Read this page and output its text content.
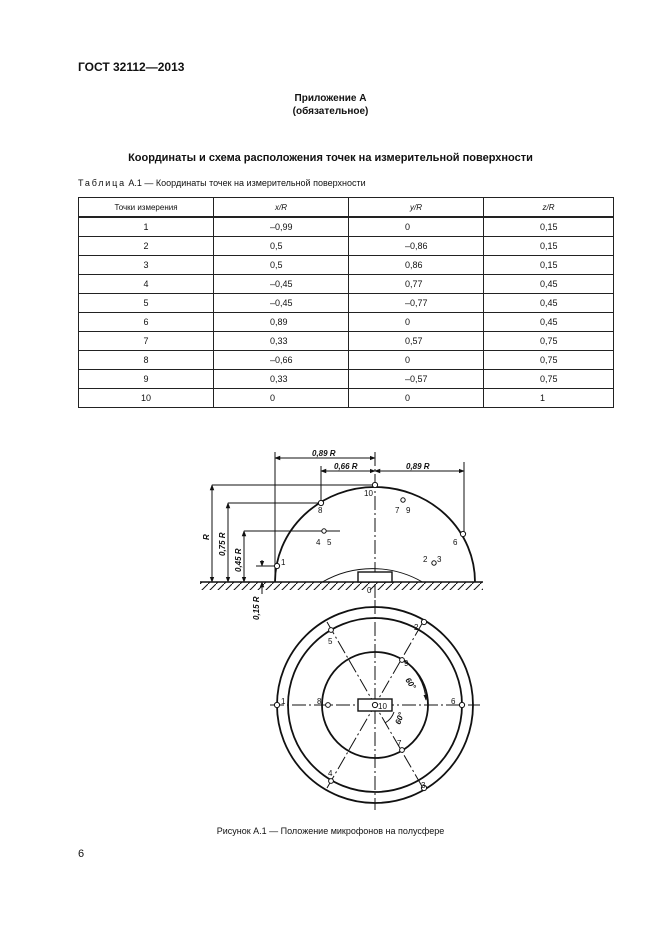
ГОСТ 32112—2013
Приложение А
(обязательное)
Координаты и схема расположения точек на измерительной поверхности
Таблица А.1 — Координаты точек на измерительной поверхности
Точки измерения	x/R	y/R	z/R
1	–0,99	0	0,15
2	0,5	–0,86	0,15
3	0,5	0,86	0,15
4	–0,45	0,77	0,45
5	–0,45	–0,77	0,45
6	0,89	0	0,45
7	0,33	0,57	0,75
8	–0,66	0	0,75
9	0,33	–0,57	0,75
10	0	0	1
0,89 R
0,66 R	0,89 R
R 0,75 R
0,45 R
0,15 R
1	2 3
4 5	6
7
8	9
10
0
1
2
3
4
5
6
7
8
9
10
60°
60°
Рисунок А.1 — Положение микрофонов на полусфере
6
